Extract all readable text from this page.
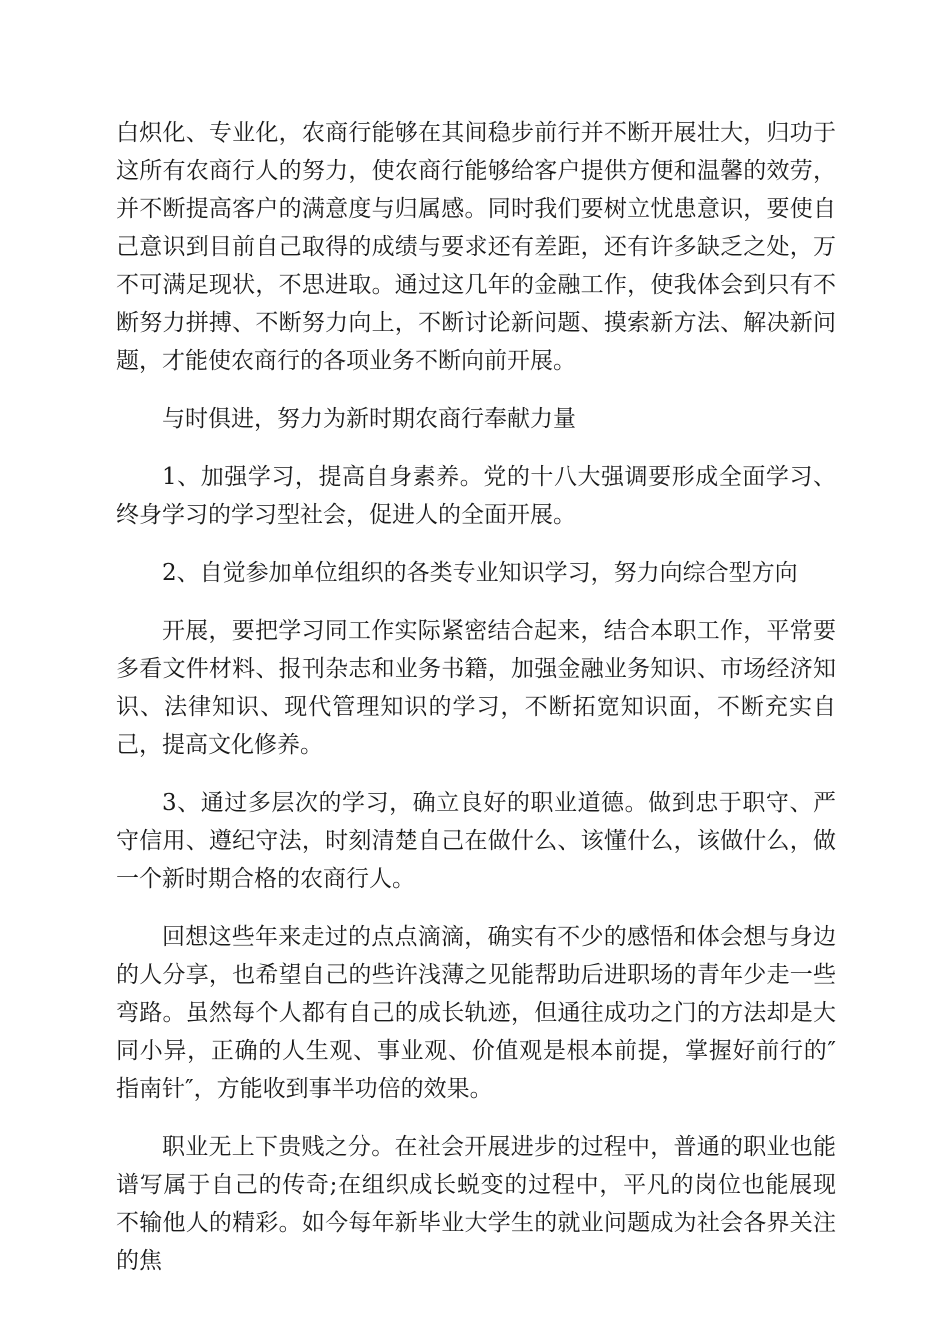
白炽化、专业化，农商行能够在其间稳步前行并不断开展壮大，归功于这所有农商行人的努力，使农商行能够给客户提供方便和温馨的效劳，并不断提高客户的满意度与归属感。同时我们要树立忧患意识，要使自己意识到目前自己取得的成绩与要求还有差距，还有许多缺乏之处，万不可满足现状，不思进取。通过这几年的金融工作，使我体会到只有不断努力拼搏、不断努力向上，不断讨论新问题、摸索新方法、解决新问题，才能使农商行的各项业务不断向前开展。

与时俱进，努力为新时期农商行奉献力量

1、加强学习，提高自身素养。党的十八大强调要形成全面学习、终身学习的学习型社会，促进人的全面开展。

2、自觉参加单位组织的各类专业知识学习，努力向综合型方向

开展，要把学习同工作实际紧密结合起来，结合本职工作，平常要多看文件材料、报刊杂志和业务书籍，加强金融业务知识、市场经济知识、法律知识、现代管理知识的学习，不断拓宽知识面，不断充实自己，提高文化修养。

3、通过多层次的学习，确立良好的职业道德。做到忠于职守、严守信用、遵纪守法，时刻清楚自己在做什么、该懂什么，该做什么，做一个新时期合格的农商行人。

回想这些年来走过的点点滴滴，确实有不少的感悟和体会想与身边的人分享，也希望自己的些许浅薄之见能帮助后进职场的青年少走一些弯路。虽然每个人都有自己的成长轨迹，但通往成功之门的方法却是大同小异，正确的人生观、事业观、价值观是根本前提，掌握好前行的″指南针″，方能收到事半功倍的效果。

职业无上下贵贱之分。在社会开展进步的过程中，普通的职业也能谱写属于自己的传奇;在组织成长蜕变的过程中，平凡的岗位也能展现不输他人的精彩。如今每年新毕业大学生的就业问题成为社会各界关注的焦
